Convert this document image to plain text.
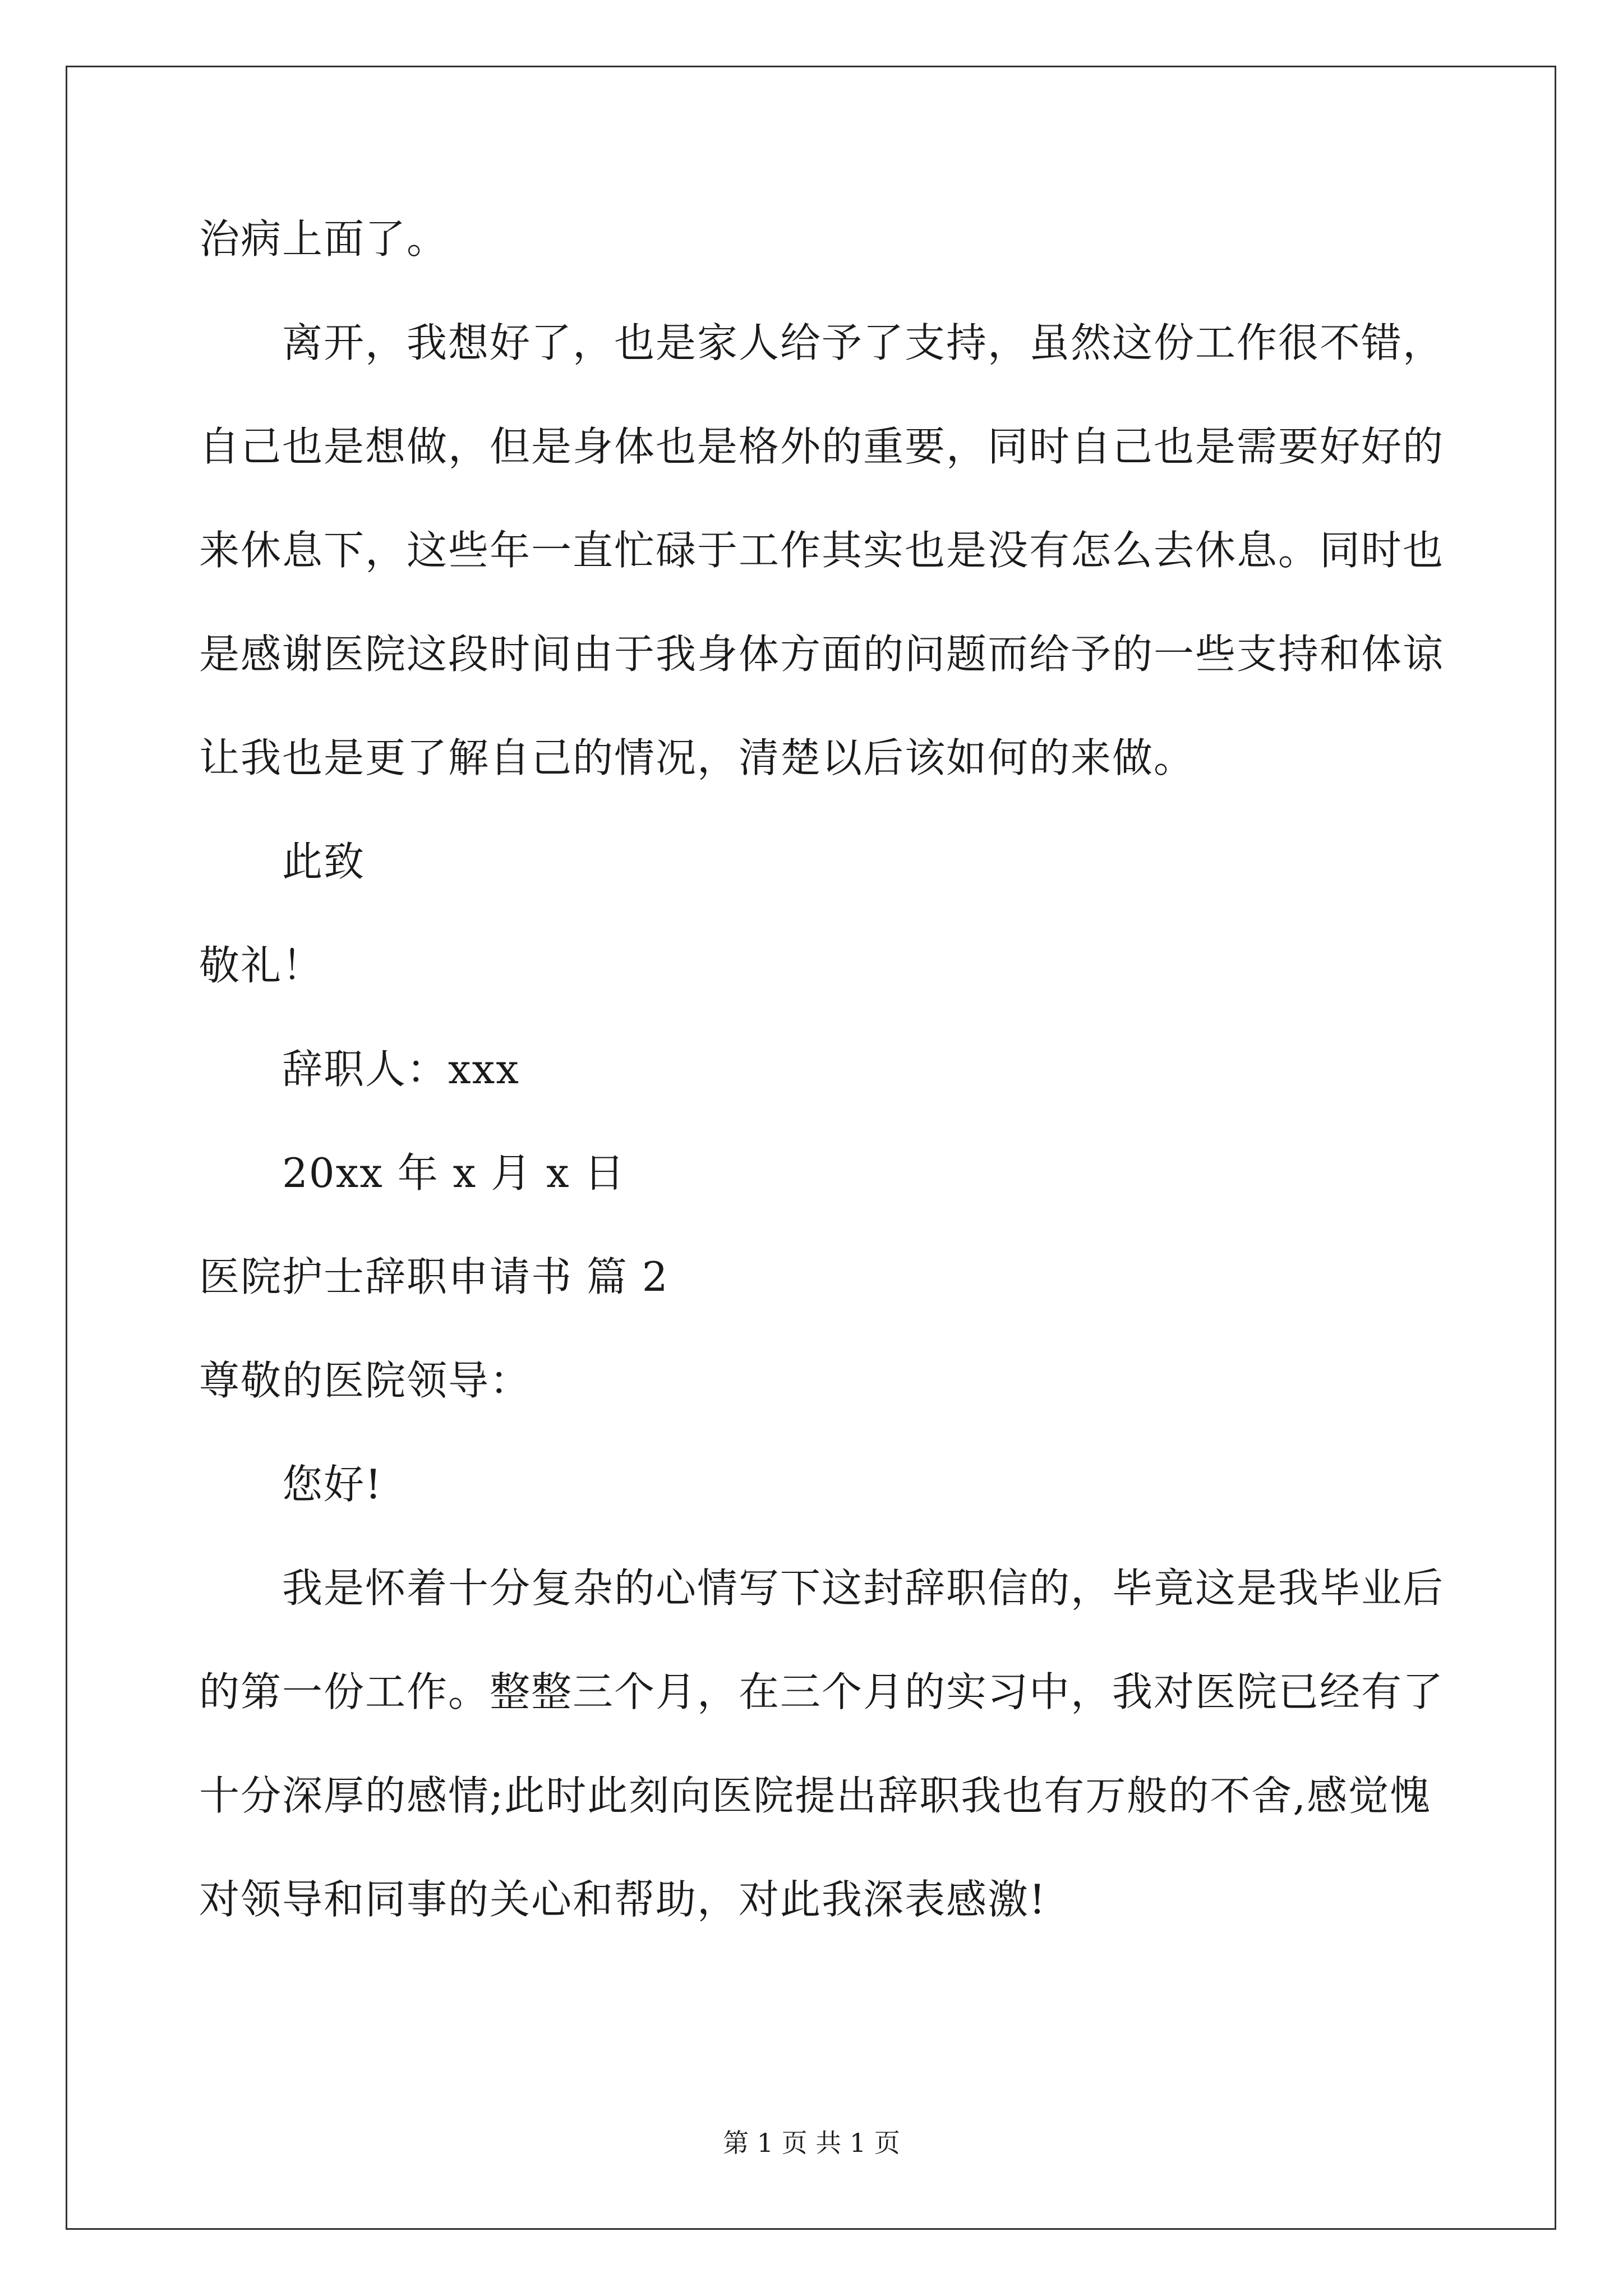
治病上面了。
离开，我想好了，也是家人给予了支持，虽然这份工作很不错，
自己也是想做，但是身体也是格外的重要，同时自己也是需要好好的
来休息下，这些年一直忙碌于工作其实也是没有怎么去休息。同时也
是感谢医院这段时间由于我身体方面的问题而给予的一些支持和体谅
让我也是更了解自己的情况，清楚以后该如何的来做。
此致
敬礼！
辞职人：xxx
20xx 年 x 月 x 日
医院护士辞职申请书 篇 2
尊敬的医院领导：
您好!
我是怀着十分复杂的心情写下这封辞职信的，毕竟这是我毕业后
的第一份工作。整整三个月，在三个月的实习中，我对医院已经有了
十分深厚的感情;此时此刻向医院提出辞职我也有万般的不舍,感觉愧
对领导和同事的关心和帮助，对此我深表感激!
第 1 页 共 1 页
